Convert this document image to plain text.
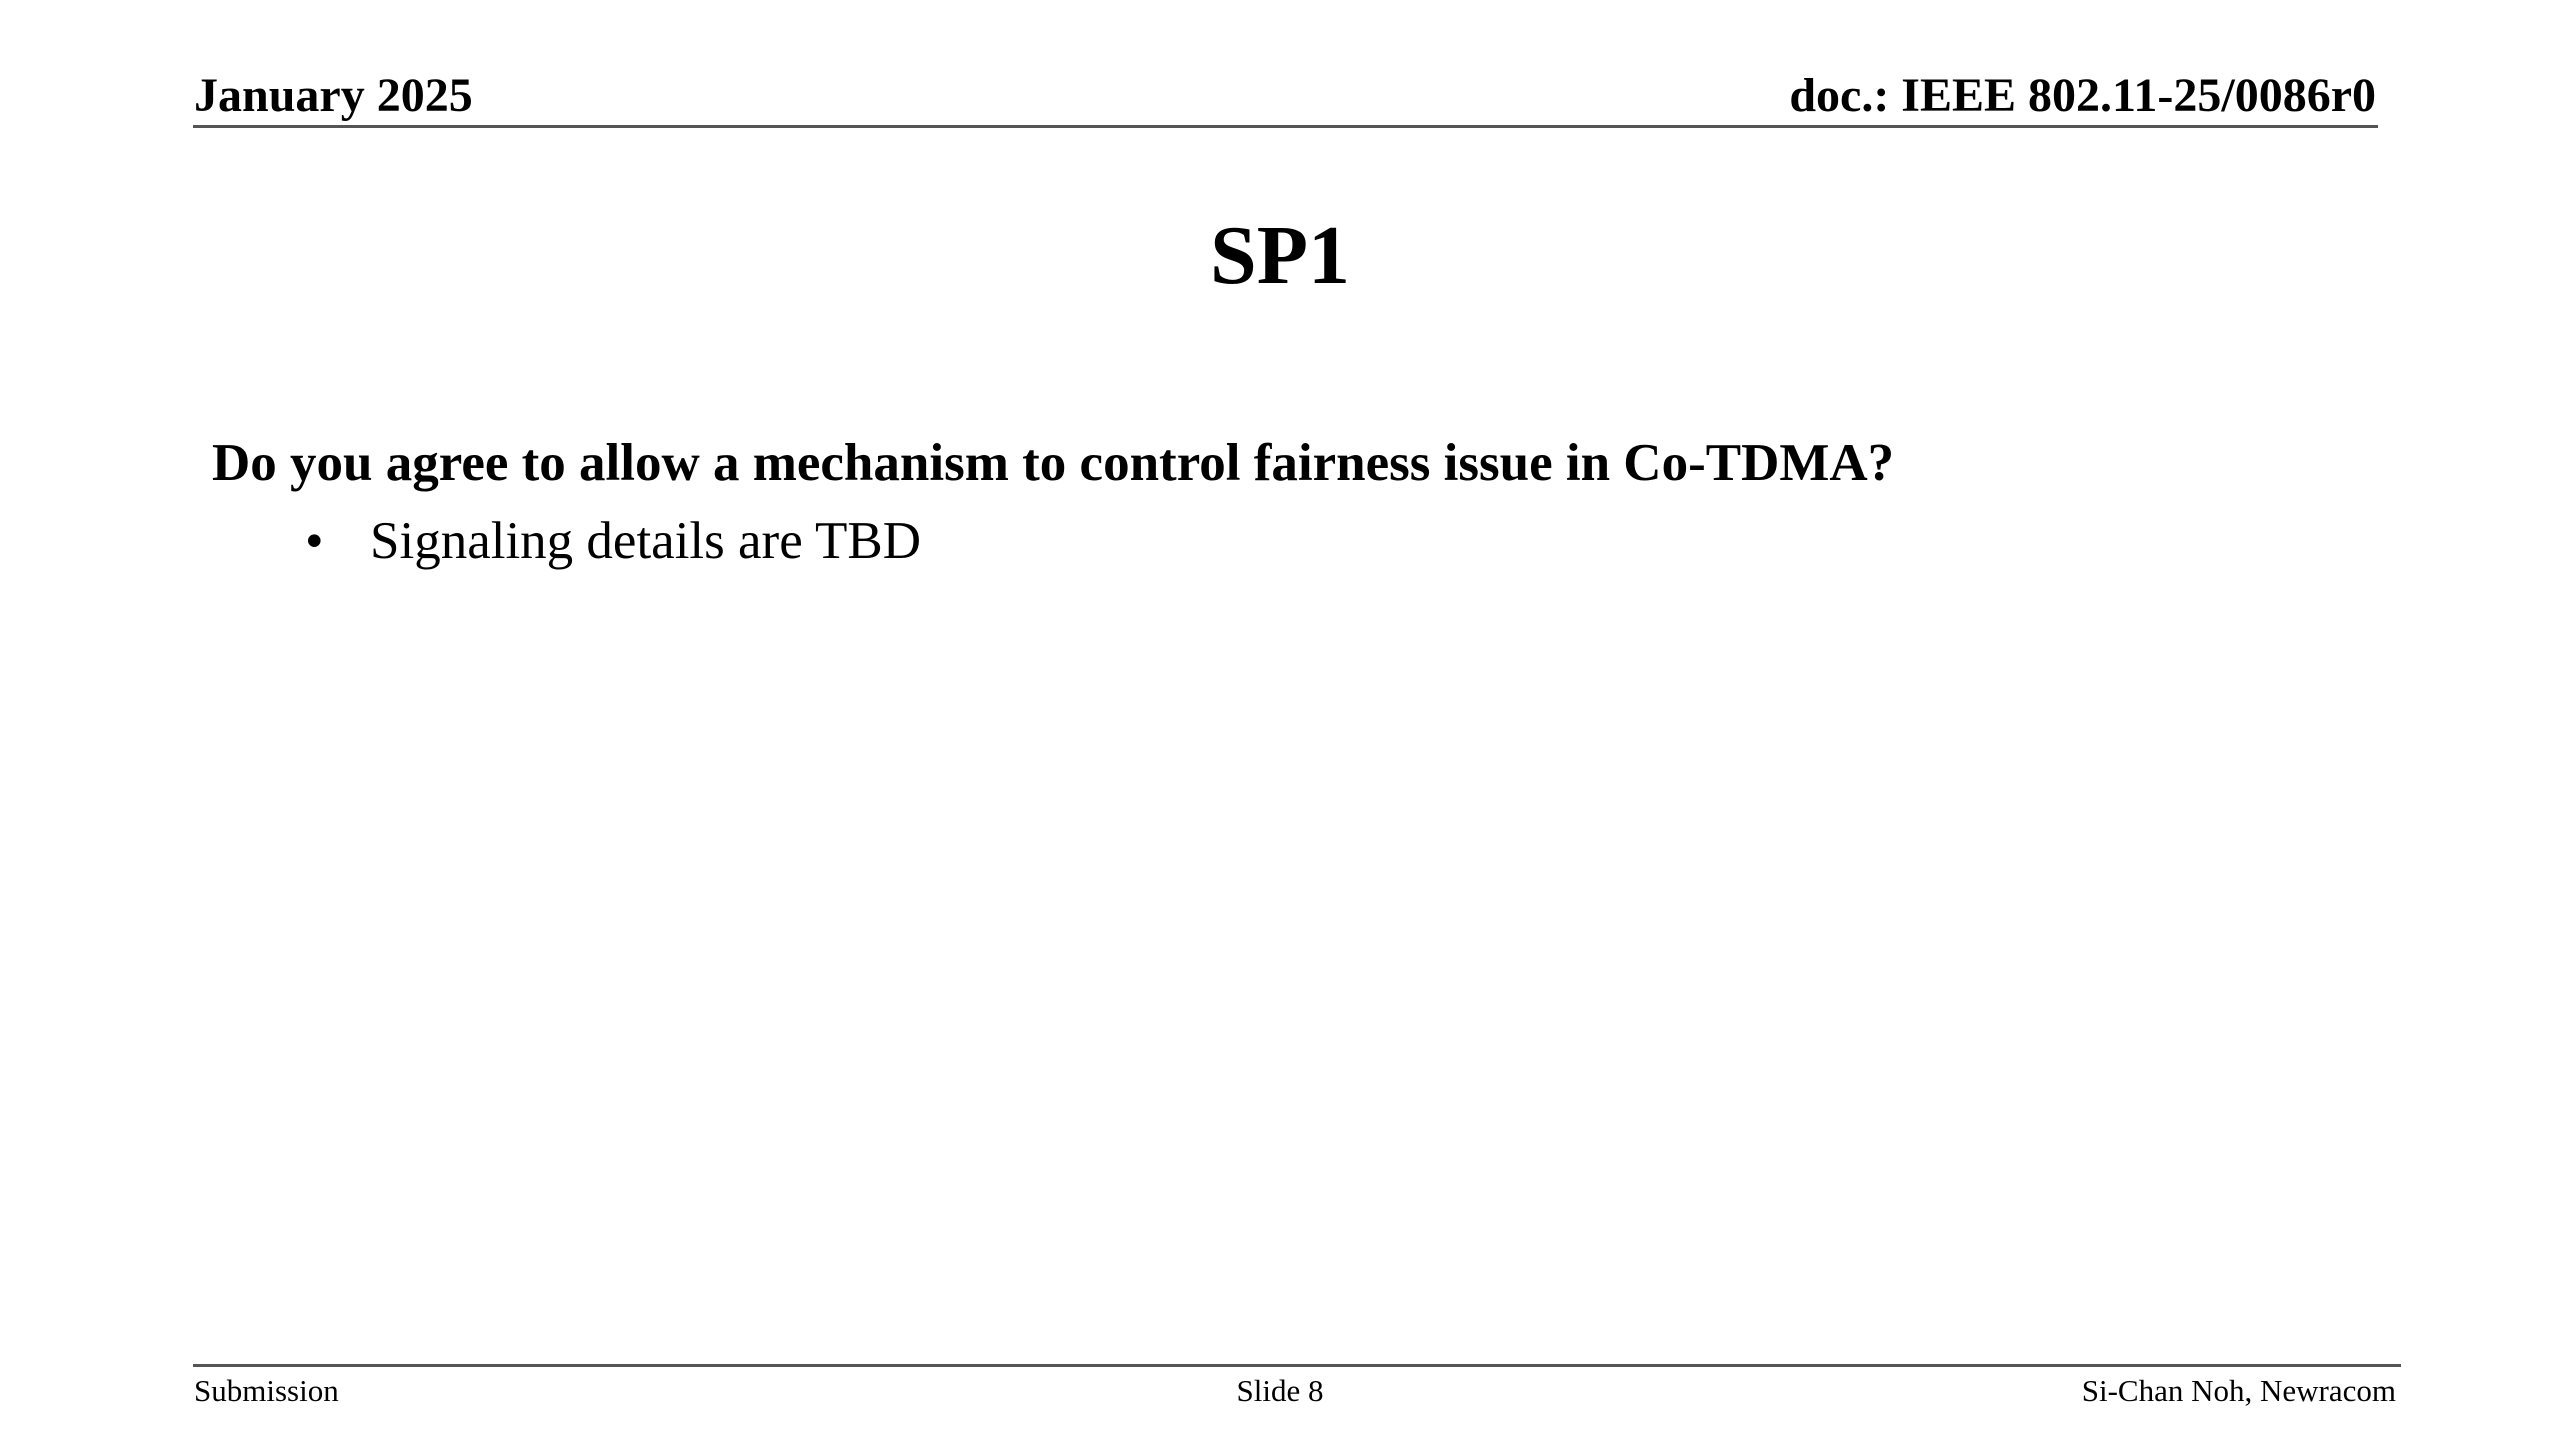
January 2025	doc.: IEEE 802.11-25/0086r0
SP1
Do you agree to allow a mechanism to control fairness issue in Co-TDMA?
• Signaling details are TBD
Submission	Slide 8	Si-Chan Noh, Newracom
